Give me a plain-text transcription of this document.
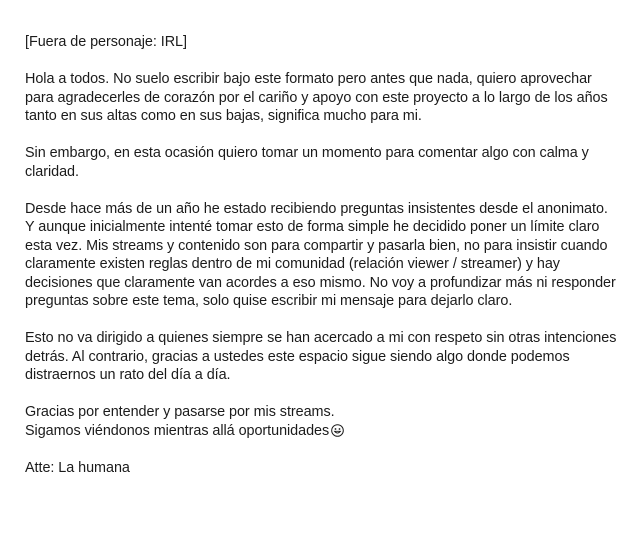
[Fuera de personaje: IRL]

Hola a todos. No suelo escribir bajo este formato pero antes que nada, quiero aprovechar
para agradecerles de corazón por el cariño y apoyo con este proyecto a lo largo de los años
tanto en sus altas como en sus bajas, significa mucho para mi.

Sin embargo, en esta ocasión quiero tomar un momento para comentar algo con calma y
claridad.

Desde hace más de un año he estado recibiendo preguntas insistentes desde el anonimato.
Y aunque inicialmente intenté tomar esto de forma simple he decidido poner un límite claro
esta vez. Mis streams y contenido son para compartir y pasarla bien, no para insistir cuando
claramente existen reglas dentro de mi comunidad (relación viewer / streamer) y hay
decisiones que claramente van acordes a eso mismo. No voy a profundizar más ni responder
preguntas sobre este tema, solo quise escribir mi mensaje para dejarlo claro.

Esto no va dirigido a quienes siempre se han acercado a mi con respeto sin otras intenciones
detrás. Al contrario, gracias a ustedes este espacio sigue siendo algo donde podemos
distraernos un rato del día a día.

Gracias por entender y pasarse por mis streams.
Sigamos viéndonos mientras allá oportunidades

Atte: La humana
